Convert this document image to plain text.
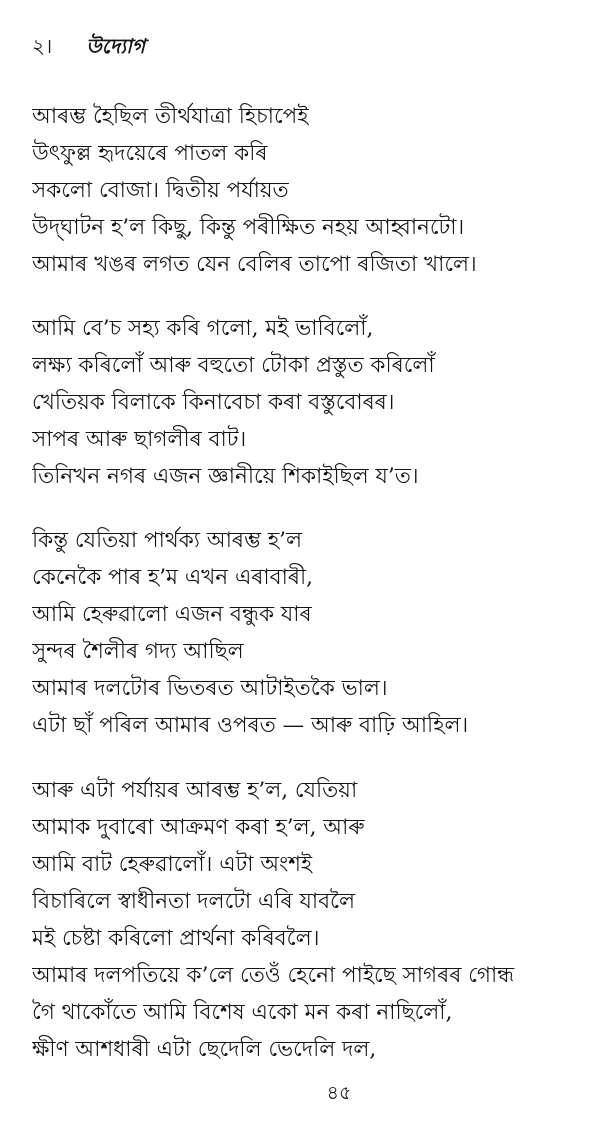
২। উদ্যোগ
আৰম্ভ হৈছিল তীৰ্থযাত্ৰা হিচাপেই
উৎফুল্ল হৃদয়েৰে পাতল কৰি
সকলো বোজা। দ্বিতীয় পৰ্যায়ত
উদ্‌ঘাটন হ’ল কিছু, কিন্তু পৰীক্ষিত নহয় আহ্বানটো।
আমাৰ খঙৰ লগত যেন বেলিৰ তাপো ৰজিতা খালে।
আমি বে’চ সহ্য কৰি গলো, মই ভাবিলোঁ,
লক্ষ্য কৰিলোঁ আৰু বহুতো টোকা প্ৰস্তুত কৰিলোঁ
খেতিয়ক বিলাকে কিনাবেচা কৰা বস্তুবোৰৰ।
সাপৰ আৰু ছাগলীৰ বাট।
তিনিখন নগৰ এজন জ্ঞানীয়ে শিকাইছিল য’ত।
কিন্তু যেতিয়া পাৰ্থক্য আৰম্ভ হ’ল
কেনেকৈ পাৰ হ’ম এখন এৰাবাৰী,
আমি হেৰুৱালো এজন বন্ধুক যাৰ
সুন্দৰ শৈলীৰ গদ্য আছিল
আমাৰ দলটোৰ ভিতৰত আটাইতকৈ ভাল।
এটা ছাঁ পৰিল আমাৰ ওপৰত — আৰু বাঢ়ি আহিল।
আৰু এটা পৰ্যায়ৰ আৰম্ভ হ’ল, যেতিয়া
আমাক দুবাৰো আক্ৰমণ কৰা হ’ল, আৰু
আমি বাট হেৰুৱালোঁ। এটা অংশই
বিচাৰিলে স্বাধীনতা দলটো এৰি যাবলৈ
মই চেষ্টা কৰিলো প্ৰাৰ্থনা কৰিবলৈ।
আমাৰ দলপতিয়ে ক’লে তেওঁ হেনো পাইছে সাগৰৰ গোন্ধ
গৈ থাকোঁতে আমি বিশেষ একো মন কৰা নাছিলোঁ,
ক্ষীণ আশধাৰী এটা ছেদেলি ভেদেলি দল,
৪৫
